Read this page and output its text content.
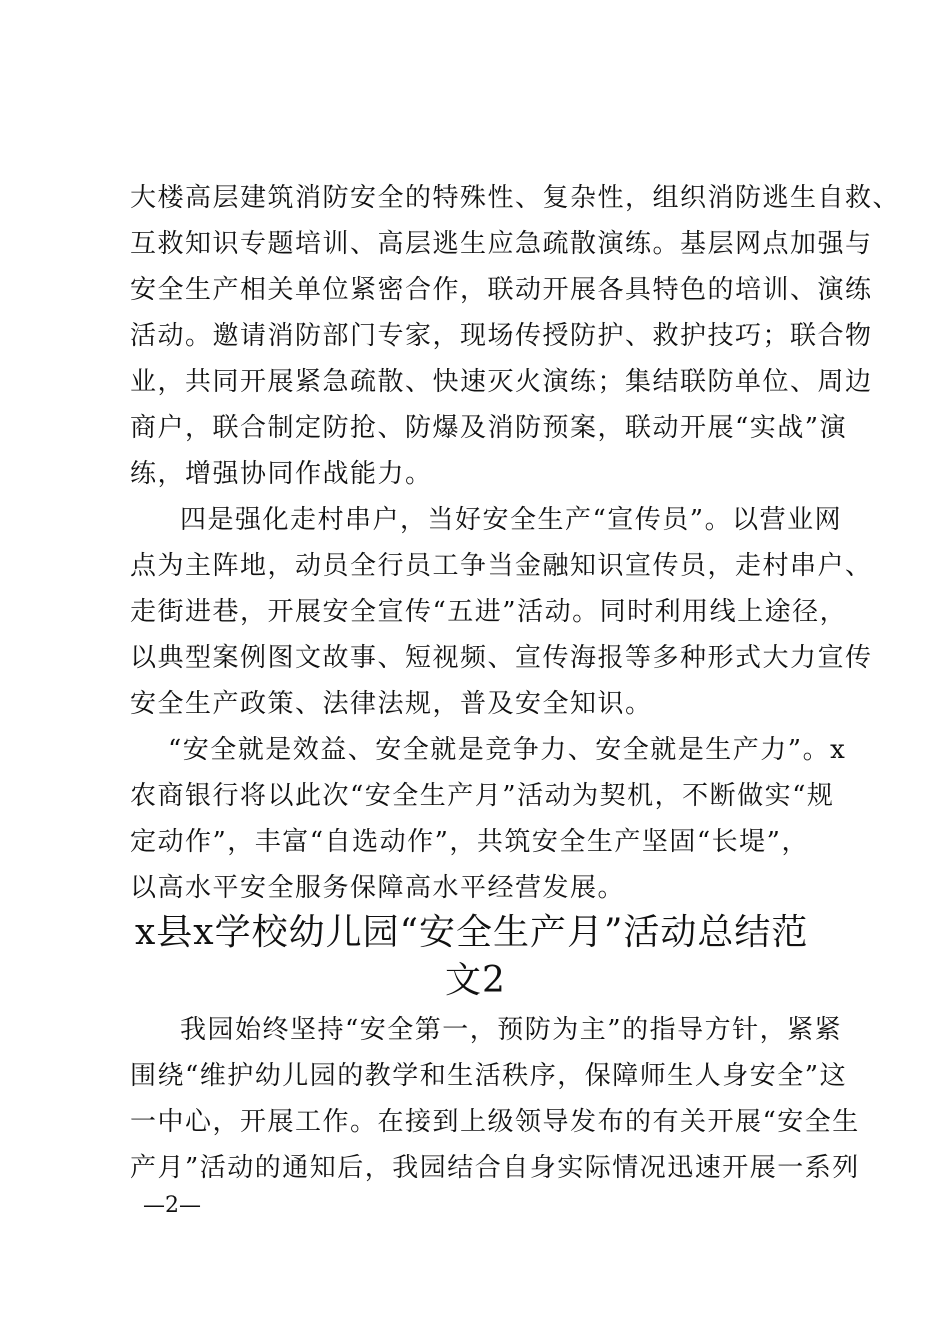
大楼高层建筑消防安全的特殊性、复杂性，组织消防逃生自救、
互救知识专题培训、高层逃生应急疏散演练。基层网点加强与
安全生产相关单位紧密合作，联动开展各具特色的培训、演练
活动。邀请消防部门专家，现场传授防护、救护技巧；联合物
业，共同开展紧急疏散、快速灭火演练；集结联防单位、周边
商户，联合制定防抢、防爆及消防预案，联动开展“实战”演
练，增强协同作战能力。
四是强化走村串户，当好安全生产“宣传员”。以营业网
点为主阵地，动员全行员工争当金融知识宣传员，走村串户、
走街进巷，开展安全宣传“五进”活动。同时利用线上途径，
以典型案例图文故事、短视频、宣传海报等多种形式大力宣传
安全生产政策、法律法规，普及安全知识。
“安全就是效益、安全就是竞争力、安全就是生产力”。x
农商银行将以此次“安全生产月”活动为契机，不断做实“规
定动作”，丰富“自选动作”，共筑安全生产坚固“长堤”，
以高水平安全服务保障高水平经营发展。
x县x学校幼儿园“安全生产月”活动总结范
文2
我园始终坚持“安全第一，预防为主”的指导方针，紧紧
围绕“维护幼儿园的教学和生活秩序，保障师生人身安全”这
一中心，开展工作。在接到上级领导发布的有关开展“安全生
产月”活动的通知后，我园结合自身实际情况迅速开展一系列
—2—
